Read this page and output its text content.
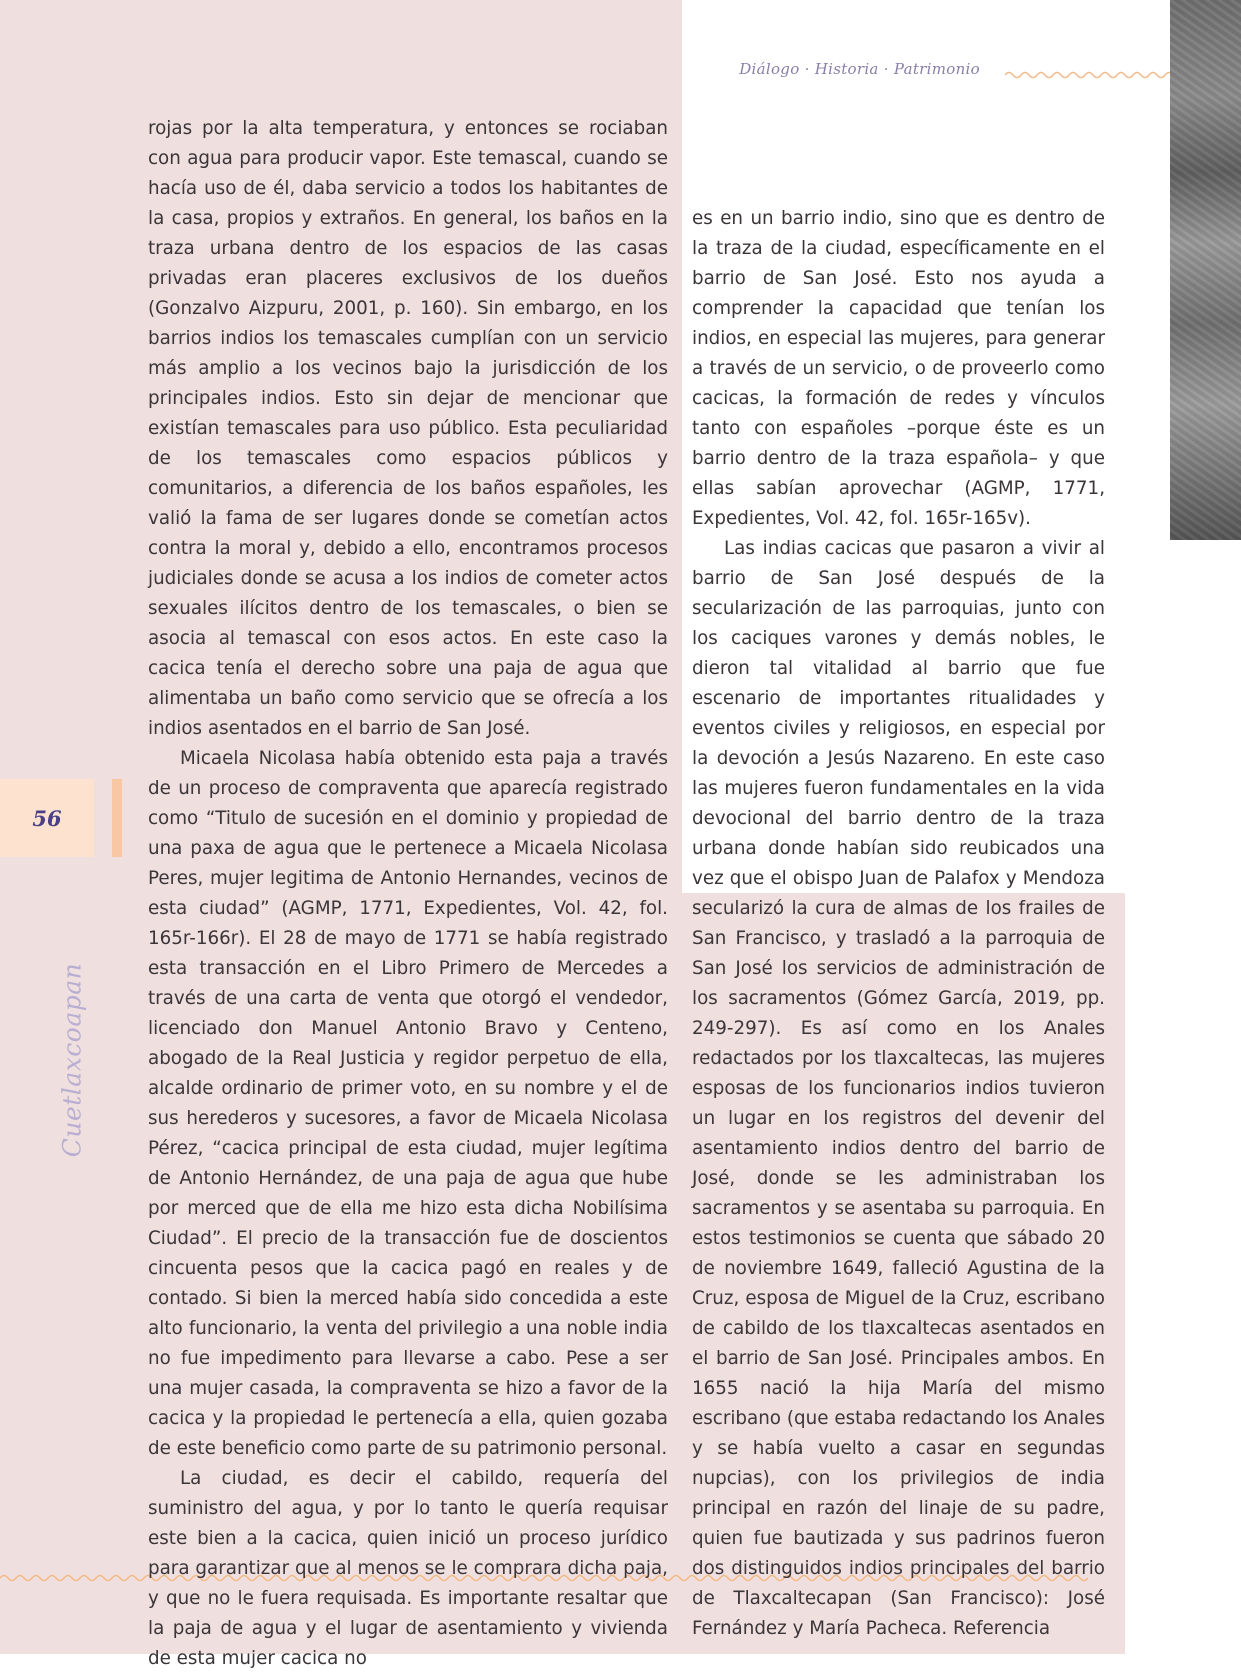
Diálogo · Historia · Patrimonio
56
Cuetlaxcoapan

rojas por la alta temperatura, y entonces se rociaban con agua para producir vapor. Este temascal, cuando se hacía uso de él, daba servicio a todos los habitantes de la casa, propios y extraños. En general, los baños en la traza urbana dentro de los espacios de las casas privadas eran placeres exclusivos de los dueños (Gonzalvo Aizpuru, 2001, p. 160). Sin embargo, en los barrios indios los temascales cumplían con un servicio más amplio a los vecinos bajo la jurisdicción de los principales indios. Esto sin dejar de mencionar que existían temascales para uso público. Esta peculiaridad de los temascales como espacios públicos y comunitarios, a diferencia de los baños españoles, les valió la fama de ser lugares donde se cometían actos contra la moral y, debido a ello, encontramos procesos judiciales donde se acusa a los indios de cometer actos sexuales ilícitos dentro de los temascales, o bien se asocia al temascal con esos actos. En este caso la cacica tenía el derecho sobre una paja de agua que alimentaba un baño como servicio que se ofrecía a los indios asentados en el barrio de San José.

Micaela Nicolasa había obtenido esta paja a través de un proceso de compraventa que aparecía registrado como “Titulo de sucesión en el dominio y propiedad de una paxa de agua que le pertenece a Micaela Nicolasa Peres, mujer legitima de Antonio Hernandes, vecinos de esta ciudad” (AGMP, 1771, Expedientes, Vol. 42, fol. 165r-166r). El 28 de mayo de 1771 se había registrado esta transacción en el Libro Primero de Mercedes a través de una carta de venta que otorgó el vendedor, licenciado don Manuel Antonio Bravo y Centeno, abogado de la Real Justicia y regidor perpetuo de ella, alcalde ordinario de primer voto, en su nombre y el de sus herederos y sucesores, a favor de Micaela Nicolasa Pérez, “cacica principal de esta ciudad, mujer legítima de Antonio Hernández, de una paja de agua que hube por merced que de ella me hizo esta dicha Nobilísima Ciudad”. El precio de la transacción fue de doscientos cincuenta pesos que la cacica pagó en reales y de contado. Si bien la merced había sido concedida a este alto funcionario, la venta del privilegio a una noble india no fue impedimento para llevarse a cabo. Pese a ser una mujer casada, la compraventa se hizo a favor de la cacica y la propiedad le pertenecía a ella, quien gozaba de este beneficio como parte de su patrimonio personal.

La ciudad, es decir el cabildo, requería del suministro del agua, y por lo tanto le quería requisar este bien a la cacica, quien inició un proceso jurídico para garantizar que al menos se le comprara dicha paja, y que no le fuera requisada. Es importante resaltar que la paja de agua y el lugar de asentamiento y vivienda de esta mujer cacica no

es en un barrio indio, sino que es dentro de la traza de la ciudad, específicamente en el barrio de San José. Esto nos ayuda a comprender la capacidad que tenían los indios, en especial las mujeres, para generar a través de un servicio, o de proveerlo como cacicas, la formación de redes y vínculos tanto con españoles –porque éste es un barrio dentro de la traza española– y que ellas sabían aprovechar (AGMP, 1771, Expedientes, Vol. 42, fol. 165r-165v).

Las indias cacicas que pasaron a vivir al barrio de San José después de la secularización de las parroquias, junto con los caciques varones y demás nobles, le dieron tal vitalidad al barrio que fue escenario de importantes ritualidades y eventos civiles y religiosos, en especial por la devoción a Jesús Nazareno. En este caso las mujeres fueron fundamentales en la vida devocional del barrio dentro de la traza urbana donde habían sido reubicados una vez que el obispo Juan de Palafox y Mendoza secularizó la cura de almas de los frailes de San Francisco, y trasladó a la parroquia de San José los servicios de administración de los sacramentos (Gómez García, 2019, pp. 249-297). Es así como en los Anales redactados por los tlaxcaltecas, las mujeres esposas de los funcionarios indios tuvieron un lugar en los registros del devenir del asentamiento indios dentro del barrio de José, donde se les administraban los sacramentos y se asentaba su parroquia. En estos testimonios se cuenta que sábado 20 de noviembre 1649, falleció Agustina de la Cruz, esposa de Miguel de la Cruz, escribano de cabildo de los tlaxcaltecas asentados en el barrio de San José. Principales ambos. En 1655 nació la hija María del mismo escribano (que estaba redactando los Anales y se había vuelto a casar en segundas nupcias), con los privilegios de india principal en razón del linaje de su padre, quien fue bautizada y sus padrinos fueron dos distinguidos indios principales del barrio de Tlaxcaltecapan (San Francisco): José Fernández y María Pacheca. Referencia
